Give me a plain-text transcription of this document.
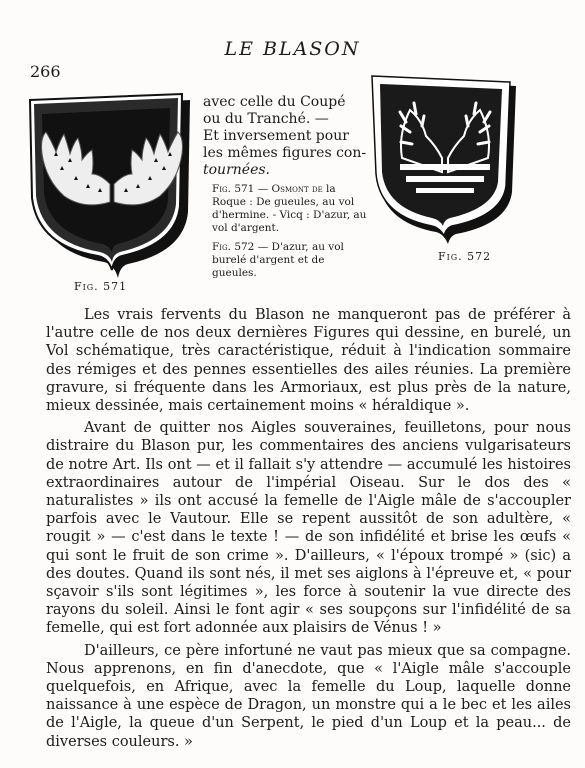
LE BLASON
266
Fig. 571
Fig. 572
avec celle du Coupé
ou du Tranché. —
Et inversement pour
les mêmes figures con-
tournées.

Fig. 571 — Osmont de la Roque : De gueules, au vol d'hermine. - Vicq : D'azur, au vol d'argent.

Fig. 572 — D'azur, au vol burelé d'argent et de gueules.

Les vrais fervents du Blason ne manqueront pas de préférer à l'autre celle de nos deux dernières Figures qui dessine, en burelé, un Vol schématique, très caractéristique, réduit à l'indication sommaire des rémiges et des pennes essentielles des ailes réunies. La première gravure, si fréquente dans les Armoriaux, est plus près de la nature, mieux dessinée, mais certainement moins « héraldique ».

Avant de quitter nos Aigles souveraines, feuilletons, pour nous distraire du Blason pur, les commentaires des anciens vulgarisateurs de notre Art. Ils ont — et il fallait s'y attendre — accumulé les histoires extraordinaires autour de l'impérial Oiseau. Sur le dos des « naturalistes » ils ont accusé la femelle de l'Aigle mâle de s'accoupler parfois avec le Vautour. Elle se repent aussitôt de son adultère, « rougit » — c'est dans le texte ! — de son infidélité et brise les œufs « qui sont le fruit de son crime ». D'ailleurs, « l'époux trompé » (sic) a des doutes. Quand ils sont nés, il met ses aiglons à l'épreuve et, « pour sçavoir s'ils sont légitimes », les force à soutenir la vue directe des rayons du soleil. Ainsi le font agir « ses soupçons sur l'infidélité de sa femelle, qui est fort adonnée aux plaisirs de Vénus ! »

D'ailleurs, ce père infortuné ne vaut pas mieux que sa compagne. Nous apprenons, en fin d'anecdote, que « l'Aigle mâle s'accouple quelquefois, en Afrique, avec la femelle du Loup, laquelle donne naissance à une espèce de Dragon, un monstre qui a le bec et les ailes de l'Aigle, la queue d'un Serpent, le pied d'un Loup et la peau... de diverses couleurs. »
